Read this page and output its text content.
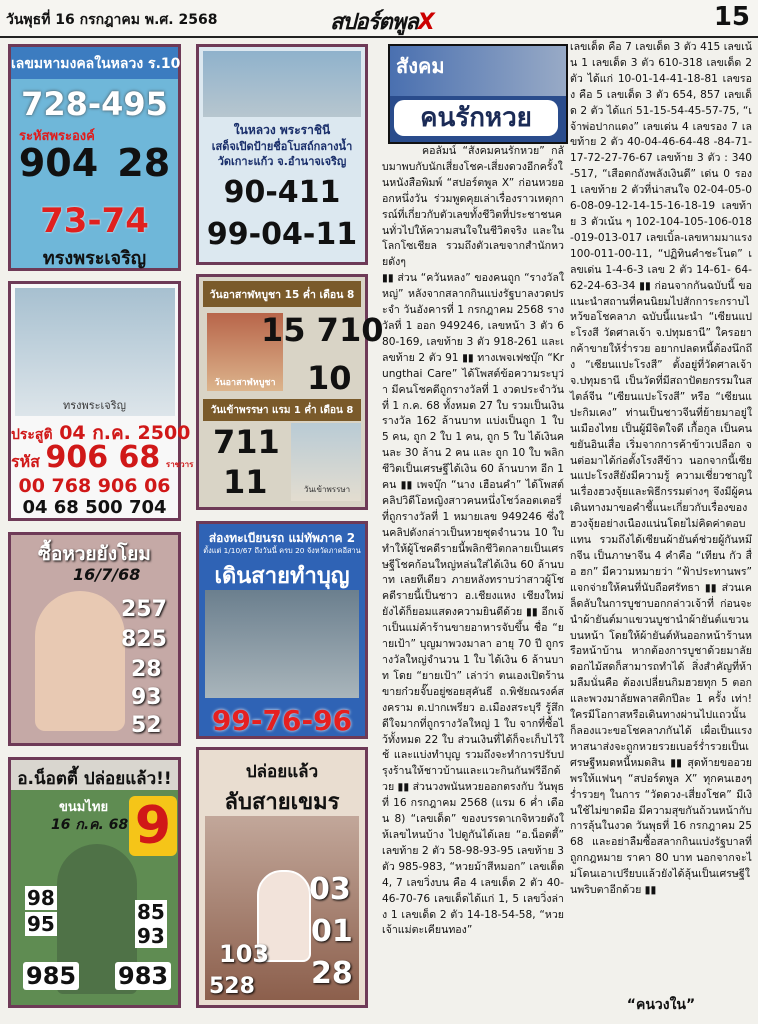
วันพุธที่ 16 กรกฎาคม พ.ศ. 2568	สปอร์ตพูลX	15
เลขมหามงคลในหลวง ร.10
728-495
ระหัสพระองค์
904 28
73-74
ทรงพระเจริญ
ในหลวง พระราชินี
เสด็จเปิดป้ายชื่อโบสถ์กลางน้ำ
วัดเกาะแก้ว จ.อำนาจเจริญ
90-411
99-04-11
ทรงพระเจริญ
ประสูติ 04 ก.ค. 2500
รหัส 906 68 ราชวาร
00 768 906 06
04 68 500 704
วันอาสาฬหบูชา 15 ค่ำ เดือน 8
วันอาสาฬหบูชา
15 710
10
วันเข้าพรรษา แรม 1 ค่ำ เดือน 8
วันเข้าพรรษา
711
11
ซื้อหวยยังโยม
16/7/68
257
825
28
93
52
ส่องทะเบียนรถ แม่ทัพภาค 2
ตั้งแต่ 1/10/67 ถึงวันนี้ ครบ 20 จังหวัดภาคอีสาน
เดินสายทำบุญ
99-76-96
อ.น็อตตี้ ปล่อยแล้ว!!
ขนมไทย
16 ก.ค. 68 9
98
95	85
93
985 983
ปล่อยแล้ว
ลับสายเขมร
03
01
28
103
528
สังคม
คนรักหวย

คอลัมน์ “สังคมคนรักหวย” กลับมาพบกับนักเสี่ยงโชค-เสี่ยงดวงอีกครั้งในหนังสือพิมพ์ “สปอร์ตพูล X” ก่อนหวยออกหนึ่งวัน ร่วมพูดคุยเล่าเรื่องราวเหตุการณ์ที่เกี่ยวกับตัวเลขทั้งชีวิตที่ประชาชนคนทั่วไปให้ความสนใจในชีวิตจริง และในโลกโซเชียล รวมถึงตัวเลขจากสำนักหวยดังๆ

▮▮ ส่วน “ควันหลง” ของคนถูก “รางวัลใหญ่” หลังจากสลากกินแบ่งรัฐบาลงวดประจำ วันอังคารที่ 1 กรกฎาคม 2568 รางวัลที่ 1 ออก 949246, เลขหน้า 3 ตัว 680-169, เลขท้าย 3 ตัว 918-261 และเลขท้าย 2 ตัว 91 ▮▮ ทางเพจเฟซบุ๊ก “Krungthai Care” ได้โพสต์ข้อความระบุว่า มีคนโชคดีถูกรางวัลที่ 1 งวดประจำวันที่ 1 ก.ค. 68 ทั้งหมด 27 ใบ รวมเป็นเงินรางวัล 162 ล้านบาท แบ่งเป็นถูก 1 ใบ 5 คน, ถูก 2 ใบ 1 คน, ถูก 5 ใบ ได้เงินคนละ 30 ล้าน 2 คน และ ถูก 10 ใบ พลิกชีวิตเป็นเศรษฐีได้เงิน 60 ล้านบาท อีก 1 คน ▮▮ เพจบุ๊ก “นาง เฮือนคำ” ได้โพสต์คลิปวิดีโอหญิงสาวคนหนึ่งโชว์ลอตเตอรี่ที่ถูกรางวัลที่ 1 หมายเลข 949246 ซึ่งในคลิปดังกล่าวเป็นหวยชุดจำนวน 10 ใบทำให้ผู้โชคดีรายนี้พลิกชีวิตกลายเป็นเศรษฐีโชคก้อนใหญ่หล่นใส่ได้เงิน 60 ล้านบาท เลยทีเดียว ภายหลังทราบว่าสาวผู้โชคดีรายนี้เป็นชาว อ.เชียงแหง เชียงใหม่ ยังได้ก็ยอมแสดงความยินดีด้วย ▮▮ อีกเจ้าเป็นแม่ค้าร้านขายอาหารจับขึ้น ชื่อ “ยายเป้า” บุญมาพวงมาลา อายุ 70 ปี ถูกรางวัลใหญ่จำนวน 1 ใบ ได้เงิน 6 ล้านบาท โดย “ยายเป้า” เล่าว่า ตนเองเปิดร้านขายก๋วยจั๊บอยู่ซอยสุคันธี ถ.พิชัยณรงค์สงคราม ต.ปากเพรียว อ.เมืองสระบุรี รู้สึกดีใจมากที่ถูกรางวัลใหญ่ 1 ใบ จากที่ซื้อไว้ทั้งหมด 22 ใบ ส่วนเงินที่ได้ก็จะเก็บไว้ใช้ และแบ่งทำบุญ รวมถึงจะทำการปรับปรุงร้านให้ชาวบ้านและแวะกินกันฟรีอีกด้วย ▮▮ ส่วนวงพนันหวยออกตรงกับ วันพุธที่ 16 กรกฎาคม 2568 (แรม 6 ค่ำ เดือน 8) “เลขเด็ด” ของบรรดาเกจิหวยดังให้เลขไหนบ้าง ไปดูกันได้เลย “อ.น็อตตี้” เลขท้าย 2 ตัว 58-98-93-95 เลขท้าย 3 ตัว 985-983, “หวยม้าสีหมอก” เลขเด็ด 4, 7 เลขวิ่งบน คือ 4 เลขเด็ด 2 ตัว 40-46-70-76 เลขเด็ดได้แก่ 1, 5 เลขวิ่งล่าง 1 เลขเด็ด 2 ตัว 14-18-54-58, “หวยเจ้าแม่ตะเคียนทอง”

เลขเด็ด คือ 7 เลขเด็ด 3 ตัว 415 เลขเน้น 1 เลขเด็ด 3 ตัว 610-318 เลขเด็ด 2 ตัว ได้แก่ 10-01-14-41-18-81 เลขรอง คือ 5 เลขเด็ด 3 ตัว 654, 857 เลขเด็ด 2 ตัว ได้แก่ 51-15-54-45-57-75, “เจ้าพ่อปากแดง” เลขเด่น 4 เลขรอง 7 เลขท้าย 2 ตัว 40-04-46-64-48 -84-71-17-72-27-76-67 เลขท้าย 3 ตัว : 340-517, “เสือตกถังพลังเงินดี” เด่น 0 รอง 1 เลขท้าย 2 ตัวที่น่าสนใจ 02-04-05-06-08-09-12-14-15-16-18-19 เลขท้าย 3 ตัวเน้น ๆ 102-104-105-106-018-019-013-017 เลขเบิ้ล-เลขหามมาแรง 100-011-00-11, “ปฏิทินคำชะโนด” เลขเด่น 1-4-6-3 เลข 2 ตัว 14-61- 64-62-24-63-34 ▮▮ ก่อนจากกันฉบับนี้ ขอแนะนำสถานที่คนนิยมไปสักการะกราบไหว้ขอโชคลาภ ฉบับนี้แนะนำ “เซียนแปะโรงสี วัดศาลเจ้า จ.ปทุมธานี” ใครอยากค้าขายให้ร่ำรวย อยากปลดหนี้ต้องนึกถึง “เซียนแปะโรงสี” ตั้งอยู่ที่วัดศาลเจ้า จ.ปทุมธานี เป็นวัดที่มีสถาปัตยกรรมในสไตล์จีน “เซียนแปะโรงสี” หรือ “เซียนแปะกิมเคง” ท่านเป็นชาวจีนที่ย้ายมาอยู่ในเมืองไทย เป็นผู้มีจิตใจดี เกื้อกูล เป็นคนขยันอินเสื่อ เริ่มจากการค้าข้าวเปลือก จนต่อมาได้ก่อตั้งโรงสีข้าว นอกจากนี้เซียนแปะโรงสียังมีความรู้ ความเชี่ยวชาญในเรื่องฮวงจุ้ยและพิธีกรรมต่างๆ จึงมีผู้คนเดินทางมาขอคำชี้แนะเกี่ยวกับเรื่องของฮวงจุ้ยอย่างเนืองแน่นโดยไม่คิดค่าตอบแทน รวมถึงได้เซียนผ้ายันต์ช่วยผู้กันหมึกจีน เป็นภาษาจีน 4 คำคือ “เทียน กัว สื่อ ฮก” มีความหมายว่า “ฟ้าประทานพร” แจกจ่ายให้คนที่นับถือศรัทธา ▮▮ ส่วนเคล็ดลับในการบูชาบอกกล่าวเจ้าที่ ก่อนจะนำผ้ายันต์มาแขวนบูชานำผ้ายันต์แขวนบนหน้า โดยให้ผ้ายันต์หันออกหน้าร้านหรือหน้าบ้าน หากต้องการบูชาด้วยมาลัยดอกไม้สดก็สามารถทำได้ สิ่งสำคัญที่ห้ามลืมนั่นคือ ต้องเปลี่ยนกิมฮวยทุก 5 ตอก และพวงมาลัยพลาสติกปีละ 1 ครั้ง เท่า! ใครมีโอกาสหรือเดินทางผ่านไปแถวนั้นก็ลองแวะขอโชคลาภกันได้ เผื่อเป็นแรงหาสนาส่งจะถูกหวยรวยเบอร์ร่ำรวยเป็นเศรษฐีหมดหนี้หมดสิน ▮▮ สุดท้ายขออวยพรให้แฟนๆ “สปอร์ตพูล X” ทุกคนเฮงๆ ร่ำรวยๆ ในการ “วัดดวง-เสี่ยงโชค” มีเงินใช้ไม่ขาดมือ มีความสุขกันถ้วนหน้ากับการลุ้นในงวด วันพุธที่ 16 กรกฎาคม 2568 และอย่าลืมซื้อสลากกินแบ่งรัฐบาลที่ถูกกฎหมาย ราคา 80 บาท นอกจากจะไม่โดนเอาเปรียบแล้วยังได้ลุ้นเป็นเศรษฐีในพริบตาอีกด้วย ▮▮

“คนวงใน”
